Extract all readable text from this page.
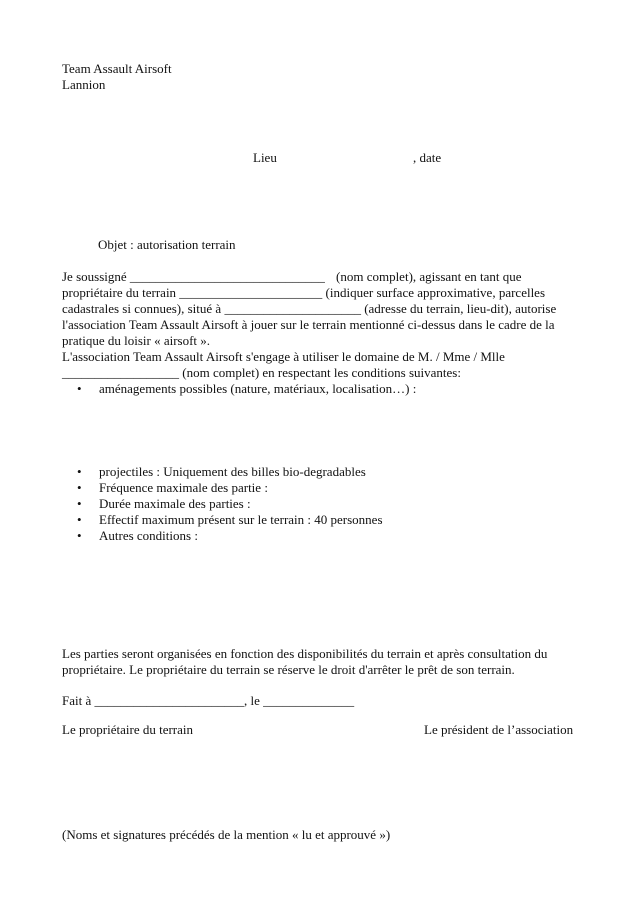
Team Assault Airsoft
Lannion
Lieu	, date
Objet : autorisation terrain
Je soussigné ______________________________ (nom complet), agissant en tant que
propriétaire du terrain ______________________ (indiquer surface approximative, parcelles
cadastrales si connues), situé à _____________________ (adresse du terrain, lieu-dit), autorise
l'association Team Assault Airsoft à jouer sur le terrain mentionné ci-dessus dans le cadre de la
pratique du loisir « airsoft ».
L'association Team Assault Airsoft s'engage à utiliser le domaine de M. / Mme / Mlle
__________________ (nom complet) en respectant les conditions suivantes:
• aménagements possibles (nature, matériaux, localisation…) :
• projectiles : Uniquement des billes bio-degradables
• Fréquence maximale des partie :
• Durée maximale des parties :
• Effectif maximum présent sur le terrain : 40 personnes
• Autres conditions :
Les parties seront organisées en fonction des disponibilités du terrain et après consultation du
propriétaire. Le propriétaire du terrain se réserve le droit d'arrêter le prêt de son terrain.
Fait à _______________________, le ______________
Le propriétaire du terrain	Le président de l’association
(Noms et signatures précédés de la mention « lu et approuvé »)
